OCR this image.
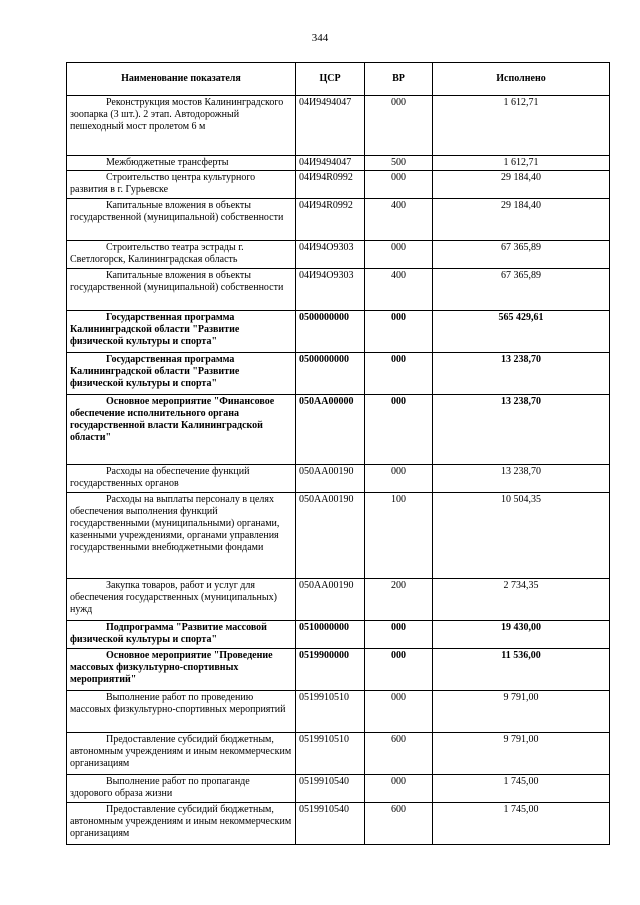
344
Наименование показателя	ЦСР	ВР	Исполнено
Реконструкция мостов Калининградского зоопарка (3 шт.). 2 этап. Автодорожный пешеходный мост пролетом 6 м	04И9494047	000	1 612,71
Межбюджетные трансферты	04И9494047	500	1 612,71
Строительство центра культурного развития в г. Гурьевске	04И94R0992	000	29 184,40
Капитальные вложения в объекты государственной (муниципальной) собственности	04И94R0992	400	29 184,40
Строительство театра эстрады г. Светлогорск, Калининградская область	04И94О9303	000	67 365,89
Капитальные вложения в объекты государственной (муниципальной) собственности	04И94О9303	400	67 365,89
Государственная программа Калининградской области "Развитие физической культуры и спорта"	0500000000	000	565 429,61
Государственная программа Калининградской области "Развитие физической культуры и спорта"	0500000000	000	13 238,70
Основное мероприятие "Финансовое обеспечение исполнительного органа государственной власти Калининградской области"	050АА00000	000	13 238,70
Расходы на обеспечение функций государственных органов	050АА00190	000	13 238,70
Расходы на выплаты персоналу в целях обеспечения выполнения функций государственными (муниципальными) органами, казенными учреждениями, органами управления государственными внебюджетными фондами	050АА00190	100	10 504,35
Закупка товаров, работ и услуг для обеспечения государственных (муниципальных) нужд	050АА00190	200	2 734,35
Подпрограмма "Развитие массовой физической культуры и спорта"	0510000000	000	19 430,00
Основное мероприятие "Проведение массовых физкультурно-спортивных мероприятий"	0519900000	000	11 536,00
Выполнение работ по проведению массовых физкультурно-спортивных мероприятий	0519910510	000	9 791,00
Предоставление субсидий бюджетным, автономным учреждениям и иным некоммерческим организациям	0519910510	600	9 791,00
Выполнение работ по пропаганде здорового образа жизни	0519910540	000	1 745,00
Предоставление субсидий бюджетным, автономным учреждениям и иным некоммерческим организациям	0519910540	600	1 745,00
